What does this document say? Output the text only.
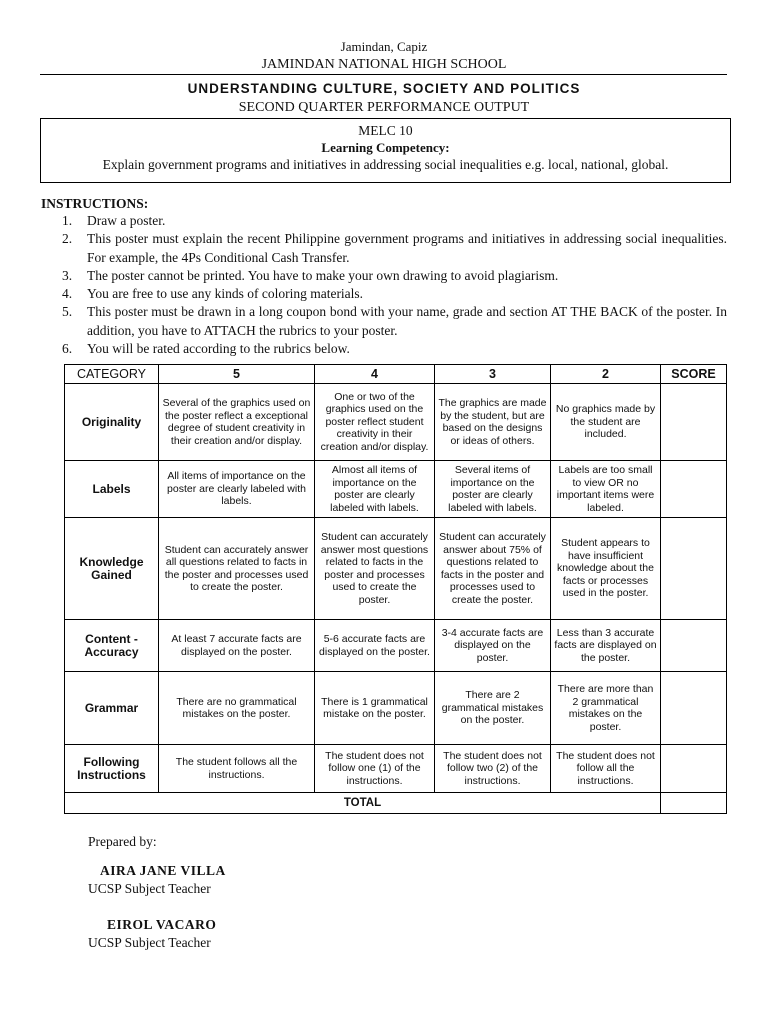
Jamindan, Capiz
JAMINDAN NATIONAL HIGH SCHOOL
UNDERSTANDING CULTURE, SOCIETY AND POLITICS
SECOND QUARTER PERFORMANCE OUTPUT
MELC 10
Learning Competency:
Explain government programs and initiatives in addressing social inequalities e.g. local, national, global.
INSTRUCTIONS:
1. Draw a poster.
2. This poster must explain the recent Philippine government programs and initiatives in addressing social inequalities. For example, the 4Ps Conditional Cash Transfer.
3. The poster cannot be printed. You have to make your own drawing to avoid plagiarism.
4. You are free to use any kinds of coloring materials.
5. This poster must be drawn in a long coupon bond with your name, grade and section AT THE BACK of the poster. In addition, you have to ATTACH the rubrics to your poster.
6. You will be rated according to the rubrics below.
CATEGORY	5	4	3	2	SCORE
Originality	Several of the graphics used on the poster reflect a exceptional degree of student creativity in their creation and/or display.	One or two of the graphics used on the poster reflect student creativity in their creation and/or display.	The graphics are made by the student, but are based on the designs or ideas of others.	No graphics made by the student are included.	
Labels	All items of importance on the poster are clearly labeled with labels.	Almost all items of importance on the poster are clearly labeled with labels.	Several items of importance on the poster are clearly labeled with labels.	Labels are too small to view OR no important items were labeled.	
Knowledge Gained	Student can accurately answer all questions related to facts in the poster and processes used to create the poster.	Student can accurately answer most questions related to facts in the poster and processes used to create the poster.	Student can accurately answer about 75% of questions related to facts in the poster and processes used to create the poster.	Student appears to have insufficient knowledge about the facts or processes used in the poster.	
Content - Accuracy	At least 7 accurate facts are displayed on the poster.	5-6 accurate facts are displayed on the poster.	3-4 accurate facts are displayed on the poster.	Less than 3 accurate facts are displayed on the poster.	
Grammar	There are no grammatical mistakes on the poster.	There is 1 grammatical mistake on the poster.	There are 2 grammatical mistakes on the poster.	There are more than 2 grammatical mistakes on the poster.	
Following Instructions	The student follows all the instructions.	The student does not follow one (1) of the instructions.	The student does not follow two (2) of the instructions.	The student does not follow all the instructions.	
TOTAL					
Prepared by:
AIRA JANE VILLA
UCSP Subject Teacher
EIROL VACARO
UCSP Subject Teacher
